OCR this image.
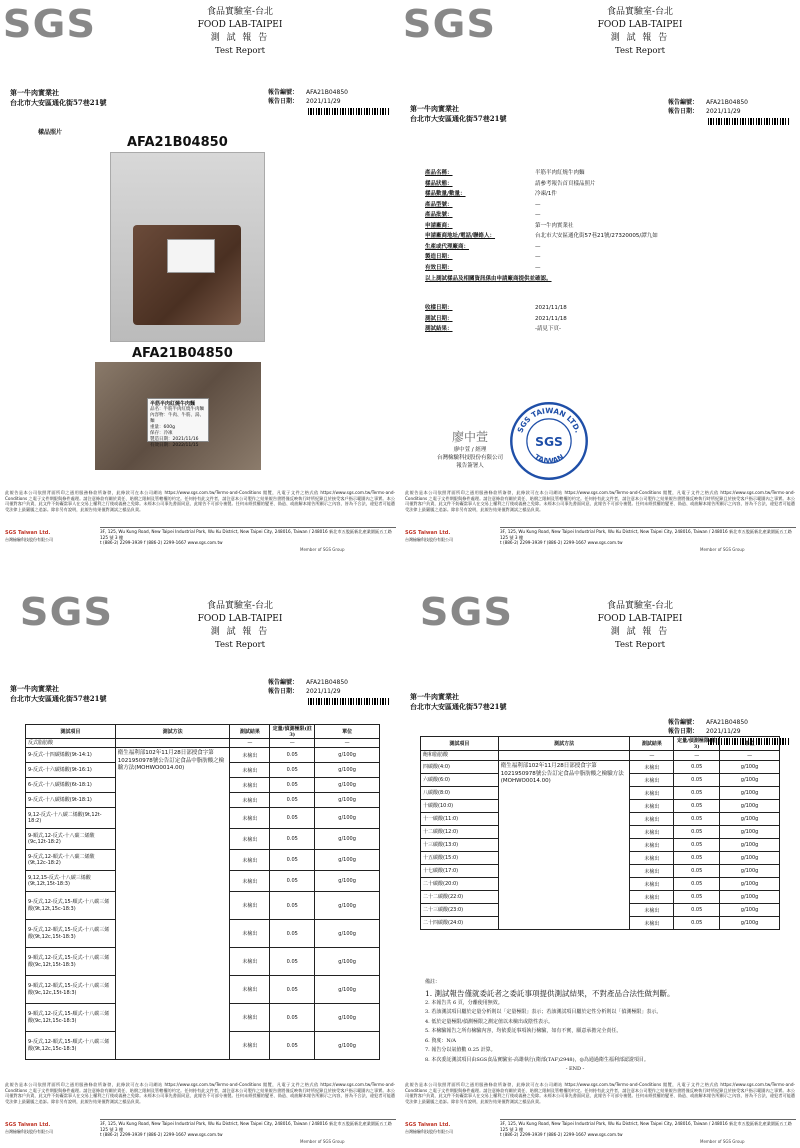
SGS	食品實驗室-台北
FOOD LAB-TAIPEI
測 試 報 告
Test Report
第一牛肉實業社
台北市大安區通化街57巷21號
報告編號： AFA21B04850
報告日期： 2021/11/29
樣品照片
AFA21B04850
AFA21B04850
半筋半肉紅燒牛肉麵
品名：半筋半肉紅燒牛肉麵
內容物：牛肉、牛筋、湯、麵
重量：600g
保存：冷凍
製造日期：2021/11/16
有效日期：2022/11/15
此報告是本公司依照背面所印之通用服務條款所簽發，此條款可在本公司網站 https://www.sgs.com.tw/Terms-and-Conditions 閱覽，凡電子文件之格式依 https://www.sgs.com.tw/Terms-and-Conditions 之電子文件期限與條件處理。請注意條款有關於責任、賠償之限制及管轄權的約定。任何持有此文件者，請注意本公司製作之結果報告書將僅反映執行時所紀錄且於接受客戶指示範圍內之事實。本公司僅對客戶負責，此文件不妨礙當事人在交易上權利之行使或義務之免除。未經本公司事先書面同意，此報告不可部分複製。任何未經授權的變更、偽造、或曲解本報告所顯示之內容，皆為不合法，違犯者可能遭受法律上最嚴厲之追訴。除非另有說明，此報告結果僅對測試之樣品負責。
SGS Taiwan Ltd.
台灣檢驗科技股份有限公司
3F, 125, Wu Kung Road, New Taipei Industrial Park, Wu Ku District, New Taipei City, 248016, Taiwan / 248016 新北市五股區新北產業園區五工路 125 號 3 樓
t (886-2) 2299-3939 f (886-2) 2299-1667 www.sgs.com.tw
Member of SGS Group
SGS	食品實驗室-台北
FOOD LAB-TAIPEI
測 試 報 告
Test Report
第一牛肉實業社
台北市大安區通化街57巷21號
報告編號： AFA21B04850
報告日期： 2021/11/29
產品名稱：	半筋半肉紅燒牛肉麵
樣品狀態：	請參考報告首頁樣品照片
樣品數量/數量：	冷凍/1件
產品型號：	—
產品批號：	—
申請廠商：	第一牛肉實業社
申請廠商地址/電話/聯絡人：	台北市大安區通化街57巷21號/27320005/譚九如
生產或代理廠商：	—
製造日期：	—
有效日期：	—
以上測試樣品及相關資訊係由申請廠商提供並確認。
收樣日期：	2021/11/18
測試日期：	2021/11/18
測試結果：	-請見下頁-
廖中萱
廖中萱 / 經理
台灣檢驗科技股份有限公司
報告簽署人
SGS TAIWAN LTD.
SGS
TAIWAN
此報告是本公司依照背面所印之通用服務條款所簽發，此條款可在本公司網站 https://www.sgs.com.tw/Terms-and-Conditions 閱覽，凡電子文件之格式依 https://www.sgs.com.tw/Terms-and-Conditions 之電子文件期限與條件處理。請注意條款有關於責任、賠償之限制及管轄權的約定。任何持有此文件者，請注意本公司製作之結果報告書將僅反映執行時所紀錄且於接受客戶指示範圍內之事實。本公司僅對客戶負責，此文件不妨礙當事人在交易上權利之行使或義務之免除。未經本公司事先書面同意，此報告不可部分複製。任何未經授權的變更、偽造、或曲解本報告所顯示之內容，皆為不合法，違犯者可能遭受法律上最嚴厲之追訴。除非另有說明，此報告結果僅對測試之樣品負責。
SGS Taiwan Ltd.
台灣檢驗科技股份有限公司
3F, 125, Wu Kung Road, New Taipei Industrial Park, Wu Ku District, New Taipei City, 248016, Taiwan / 248016 新北市五股區新北產業園區五工路 125 號 3 樓
t (886-2) 2299-3939 f (886-2) 2299-1667 www.sgs.com.tw
Member of SGS Group
SGS	食品實驗室-台北
FOOD LAB-TAIPEI
測 試 報 告
Test Report
第一牛肉實業社
台北市大安區通化街57巷21號
報告編號： AFA21B04850
報告日期： 2021/11/29
測試項目	測試方法	測試結果	定量/偵測極限(註3)	單位
反式脂肪酸		—	—	—
9-反式-十四碳烯酸(9t-14:1)	衛生福利部102年11月28日部授食字第1021950978號公告訂定食品中脂肪酸之檢驗方法(MOHWO0014.00)	未檢出	0.05	g/100g
9-反式-十六碳烯酸(9t-16:1)		未檢出	0.05	g/100g
6-反式-十八碳烯酸(6t-18:1)		未檢出	0.05	g/100g
9-反式-十八碳烯酸(9t-18:1)		未檢出	0.05	g/100g
9,12-反式-十八碳二烯酸(9t,12t-18:2)		未檢出	0.05	g/100g
9-順式,12-反式-十八碳二烯酸(9c,12t-18:2)		未檢出	0.05	g/100g
9-反式,12-順式-十八碳二烯酸(9t,12c-18:2)		未檢出	0.05	g/100g
9,12,15-反式-十八碳三烯酸(9t,12t,15t-18:3)		未檢出	0.05	g/100g
9-反式,12-反式,15-順式-十八碳三烯酸(9t,12t,15c-18:3)		未檢出	0.05	g/100g
9-反式,12-順式,15-反式-十八碳三烯酸(9t,12c,15t-18:3)		未檢出	0.05	g/100g
9-順式,12-反式,15-反式-十八碳三烯酸(9c,12t,15t-18:3)		未檢出	0.05	g/100g
9-順式,12-順式,15-反式-十八碳三烯酸(9c,12c,15t-18:3)		未檢出	0.05	g/100g
9-順式,12-反式,15-順式-十八碳三烯酸(9c,12t,15c-18:3)		未檢出	0.05	g/100g
9-反式,12-順式,15-順式-十八碳三烯酸(9t,12c,15c-18:3)		未檢出	0.05	g/100g
此報告是本公司依照背面所印之通用服務條款所簽發，此條款可在本公司網站 https://www.sgs.com.tw/Terms-and-Conditions 閱覽，凡電子文件之格式依 https://www.sgs.com.tw/Terms-and-Conditions 之電子文件期限與條件處理。請注意條款有關於責任、賠償之限制及管轄權的約定。任何持有此文件者，請注意本公司製作之結果報告書將僅反映執行時所紀錄且於接受客戶指示範圍內之事實。本公司僅對客戶負責，此文件不妨礙當事人在交易上權利之行使或義務之免除。未經本公司事先書面同意，此報告不可部分複製。任何未經授權的變更、偽造、或曲解本報告所顯示之內容，皆為不合法，違犯者可能遭受法律上最嚴厲之追訴。除非另有說明，此報告結果僅對測試之樣品負責。
SGS Taiwan Ltd.
台灣檢驗科技股份有限公司
3F, 125, Wu Kung Road, New Taipei Industrial Park, Wu Ku District, New Taipei City, 248016, Taiwan / 248016 新北市五股區新北產業園區五工路 125 號 3 樓
t (886-2) 2299-3939 f (886-2) 2299-1667 www.sgs.com.tw
Member of SGS Group
SGS	食品實驗室-台北
FOOD LAB-TAIPEI
測 試 報 告
Test Report
第一牛肉實業社
台北市大安區通化街57巷21號
報告編號： AFA21B04850
報告日期： 2021/11/29
測試項目	測試方法	測試結果	定量/偵測極限(註3)	單位
飽和脂肪酸		—	—	—
四碳酸(4:0)	衛生福利部102年11月28日部授食字第1021950978號公告訂定食品中脂肪酸之檢驗方法(MOHWO0014.00)	未檢出	0.05	g/100g
六碳酸(6:0)		未檢出	0.05	g/100g
八碳酸(8:0)		未檢出	0.05	g/100g
十碳酸(10:0)		未檢出	0.05	g/100g
十一碳酸(11:0)		未檢出	0.05	g/100g
十二碳酸(12:0)		未檢出	0.05	g/100g
十三碳酸(13:0)		未檢出	0.05	g/100g
十五碳酸(15:0)		未檢出	0.05	g/100g
十七碳酸(17:0)		未檢出	0.05	g/100g
二十碳酸(20:0)		未檢出	0.05	g/100g
二十二碳酸(22:0)		未檢出	0.05	g/100g
二十三碳酸(23:0)		未檢出	0.05	g/100g
二十四碳酸(24:0)		未檢出	0.05	g/100g
備註：
1. 測試報告僅就委託者之委託事項提供測試結果，不對產品合法性做判斷。
2. 本報告共 6 頁，分離使用無效。
3. 若該測試項目屬於定量分析則以「定量極限」表示；若該測試項目屬於定性分析則以「偵測極限」表示。
4. 低於定量極限/偵測極限之測定值以未檢出或陰性表示。
5. 本檢驗報告之所有檢驗內容，均依委託事項執行檢驗，如有不實，願意承擔完全責任。
6. 資度：N/A
7. 報告分以氣值數 0.25 計算。
8. 本次委託測試項目由SGS食品實驗室-高雄執行(衛部(TAF)2948)，◎為通過衛生福利部認證項目。
- END -
此報告是本公司依照背面所印之通用服務條款所簽發，此條款可在本公司網站 https://www.sgs.com.tw/Terms-and-Conditions 閱覽，凡電子文件之格式依 https://www.sgs.com.tw/Terms-and-Conditions 之電子文件期限與條件處理。請注意條款有關於責任、賠償之限制及管轄權的約定。任何持有此文件者，請注意本公司製作之結果報告書將僅反映執行時所紀錄且於接受客戶指示範圍內之事實。本公司僅對客戶負責，此文件不妨礙當事人在交易上權利之行使或義務之免除。未經本公司事先書面同意，此報告不可部分複製。任何未經授權的變更、偽造、或曲解本報告所顯示之內容，皆為不合法，違犯者可能遭受法律上最嚴厲之追訴。除非另有說明，此報告結果僅對測試之樣品負責。
SGS Taiwan Ltd.
台灣檢驗科技股份有限公司
3F, 125, Wu Kung Road, New Taipei Industrial Park, Wu Ku District, New Taipei City, 248016, Taiwan / 248016 新北市五股區新北產業園區五工路 125 號 3 樓
t (886-2) 2299-3939 f (886-2) 2299-1667 www.sgs.com.tw
Member of SGS Group
